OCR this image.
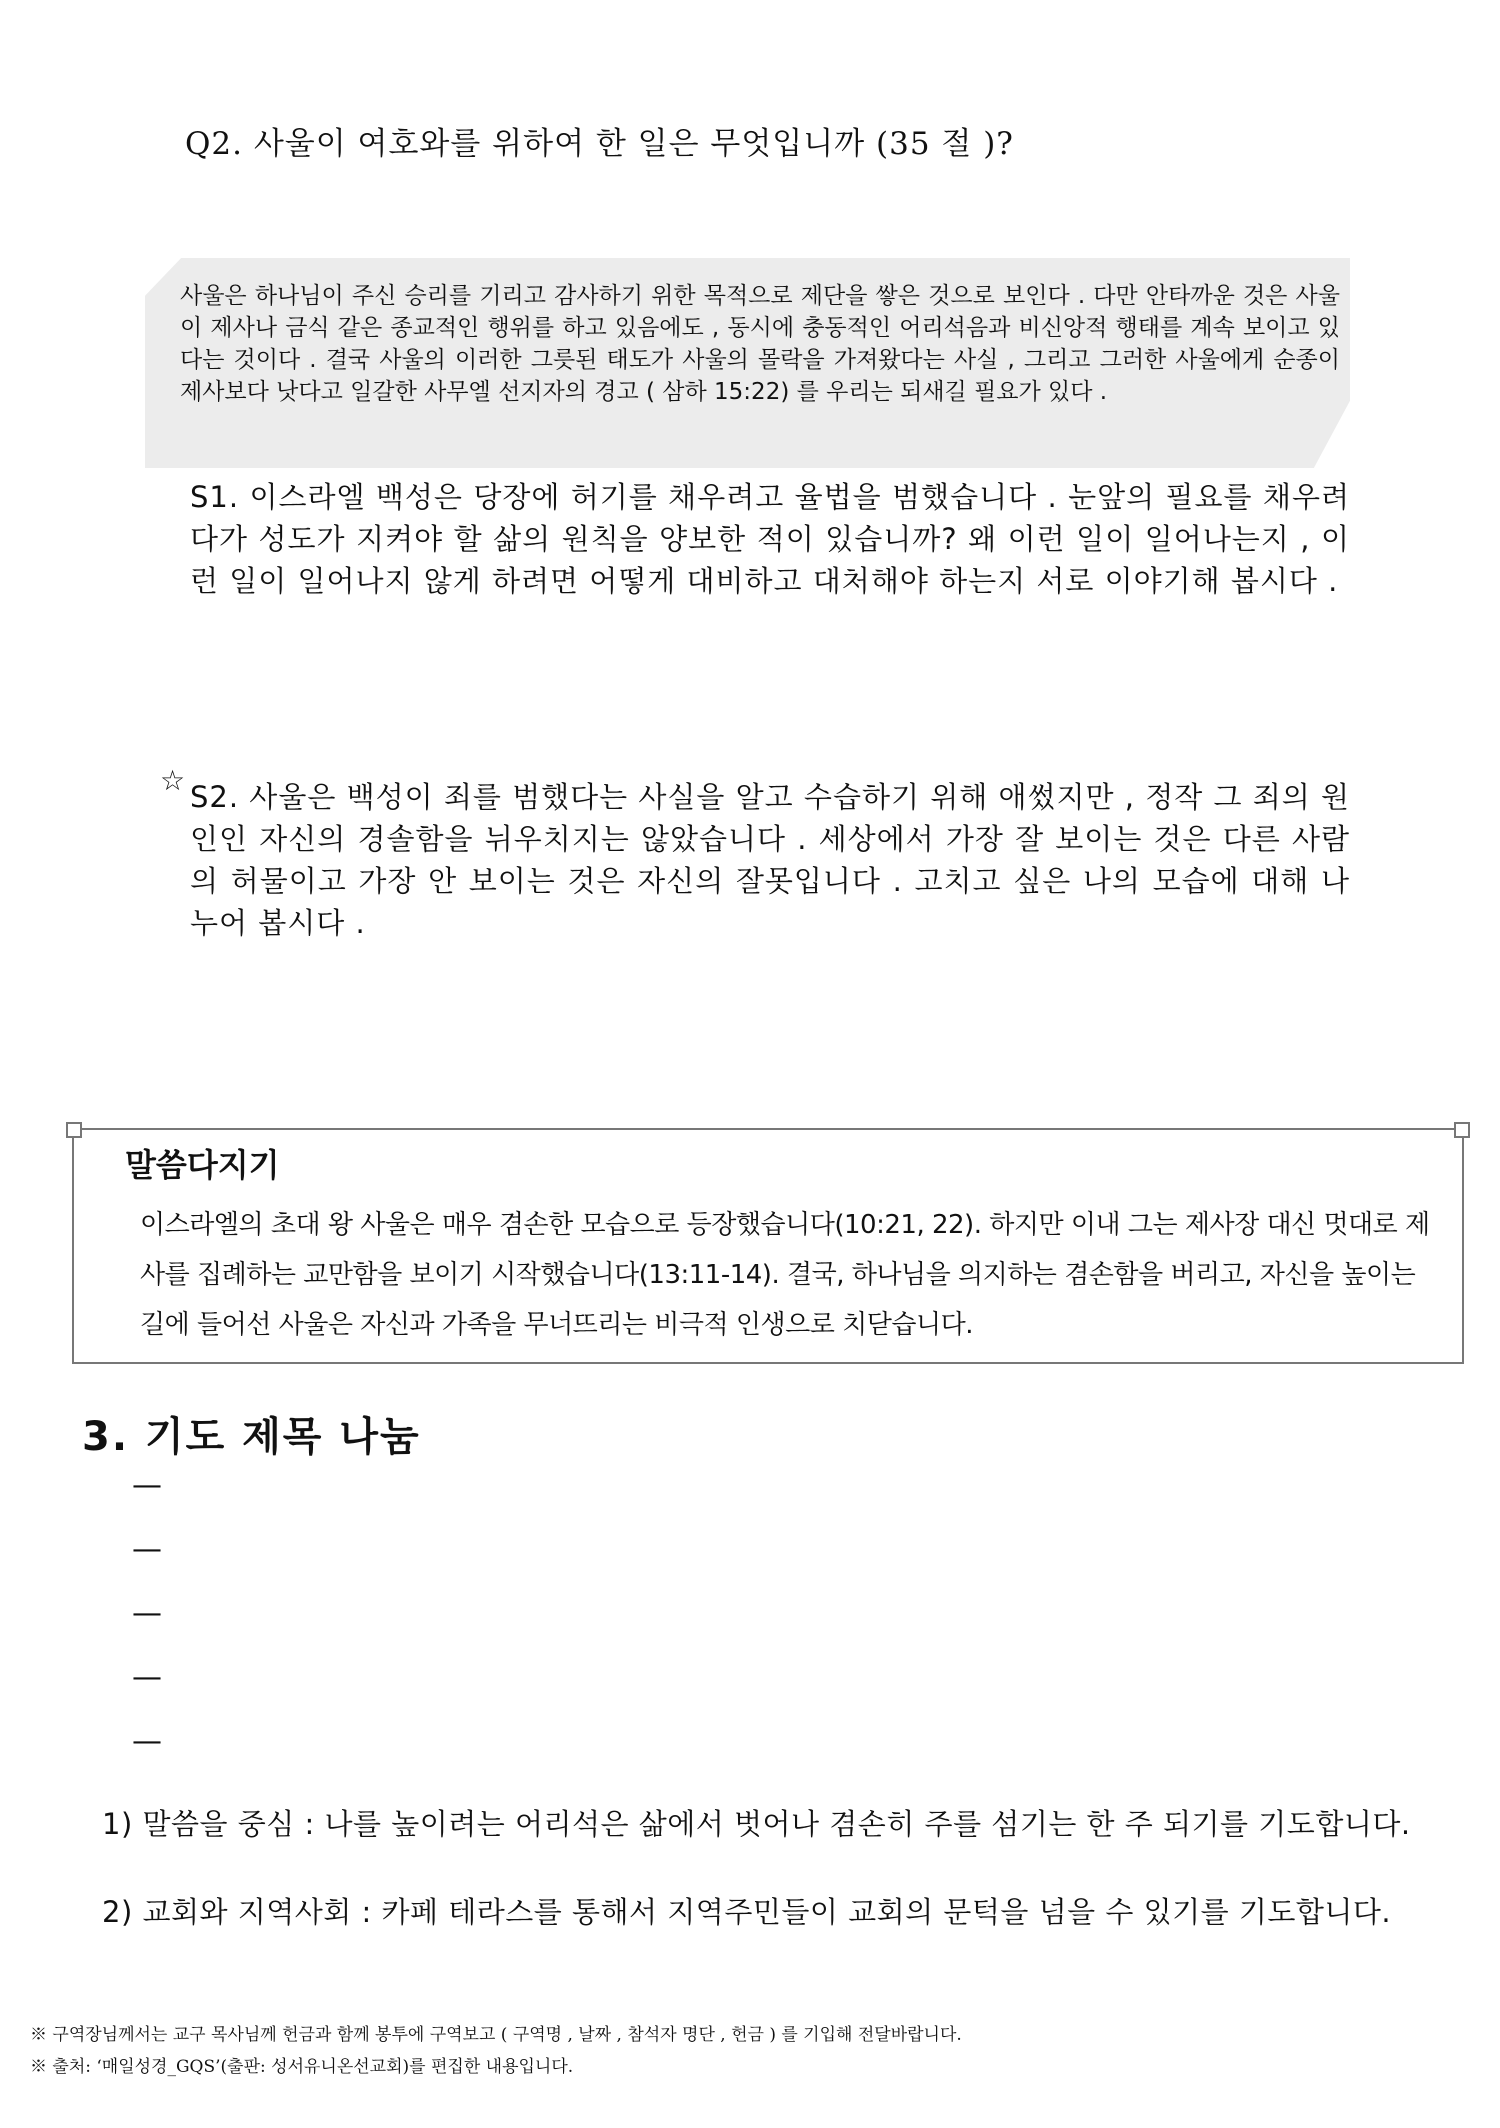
Q2. 사울이 여호와를 위하여 한 일은 무엇입니까 (35 절 )?
사울은 하나님이 주신 승리를 기리고 감사하기 위한 목적으로 제단을 쌓은 것으로 보인다 . 다만 안타까운 것은 사울이 제사나 금식 같은 종교적인 행위를 하고 있음에도 , 동시에 충동적인 어리석음과 비신앙적 행태를 계속 보이고 있다는 것이다 . 결국 사울의 이러한 그릇된 태도가 사울의 몰락을 가져왔다는 사실 , 그리고 그러한 사울에게 순종이 제사보다 낫다고 일갈한 사무엘 선지자의 경고 ( 삼하 15:22) 를 우리는 되새길 필요가 있다 .
S1. 이스라엘 백성은 당장에 허기를 채우려고 율법을 범했습니다 . 눈앞의 필요를 채우려다가 성도가 지켜야 할 삶의 원칙을 양보한 적이 있습니까? 왜 이런 일이 일어나는지 , 이런 일이 일어나지 않게 하려면 어떻게 대비하고 대처해야 하는지 서로 이야기해 봅시다 .
☆ S2. 사울은 백성이 죄를 범했다는 사실을 알고 수습하기 위해 애썼지만 , 정작 그 죄의 원인인 자신의 경솔함을 뉘우치지는 않았습니다 . 세상에서 가장 잘 보이는 것은 다른 사람의 허물이고 가장 안 보이는 것은 자신의 잘못입니다 . 고치고 싶은 나의 모습에 대해 나누어 봅시다 .
말씀다지기
이스라엘의 초대 왕 사울은 매우 겸손한 모습으로 등장했습니다(10:21, 22). 하지만 이내 그는 제사장 대신 멋대로 제사를 집례하는 교만함을 보이기 시작했습니다(13:11-14). 결국, 하나님을 의지하는 겸손함을 버리고, 자신을 높이는 길에 들어선 사울은 자신과 가족을 무너뜨리는 비극적 인생으로 치닫습니다.
3. 기도 제목 나눔
—
—
—
—
—
1) 말씀을 중심 : 나를 높이려는 어리석은 삶에서 벗어나 겸손히 주를 섬기는 한 주 되기를 기도합니다.
2) 교회와 지역사회 : 카페 테라스를 통해서 지역주민들이 교회의 문턱을 넘을 수 있기를 기도합니다.
※ 구역장님께서는 교구 목사님께 헌금과 함께 봉투에 구역보고 ( 구역명 , 날짜 , 참석자 명단 , 헌금 ) 를 기입해 전달바랍니다.
※ 출처: ‘매일성경_GQS’(출판: 성서유니온선교회)를 편집한 내용입니다.
